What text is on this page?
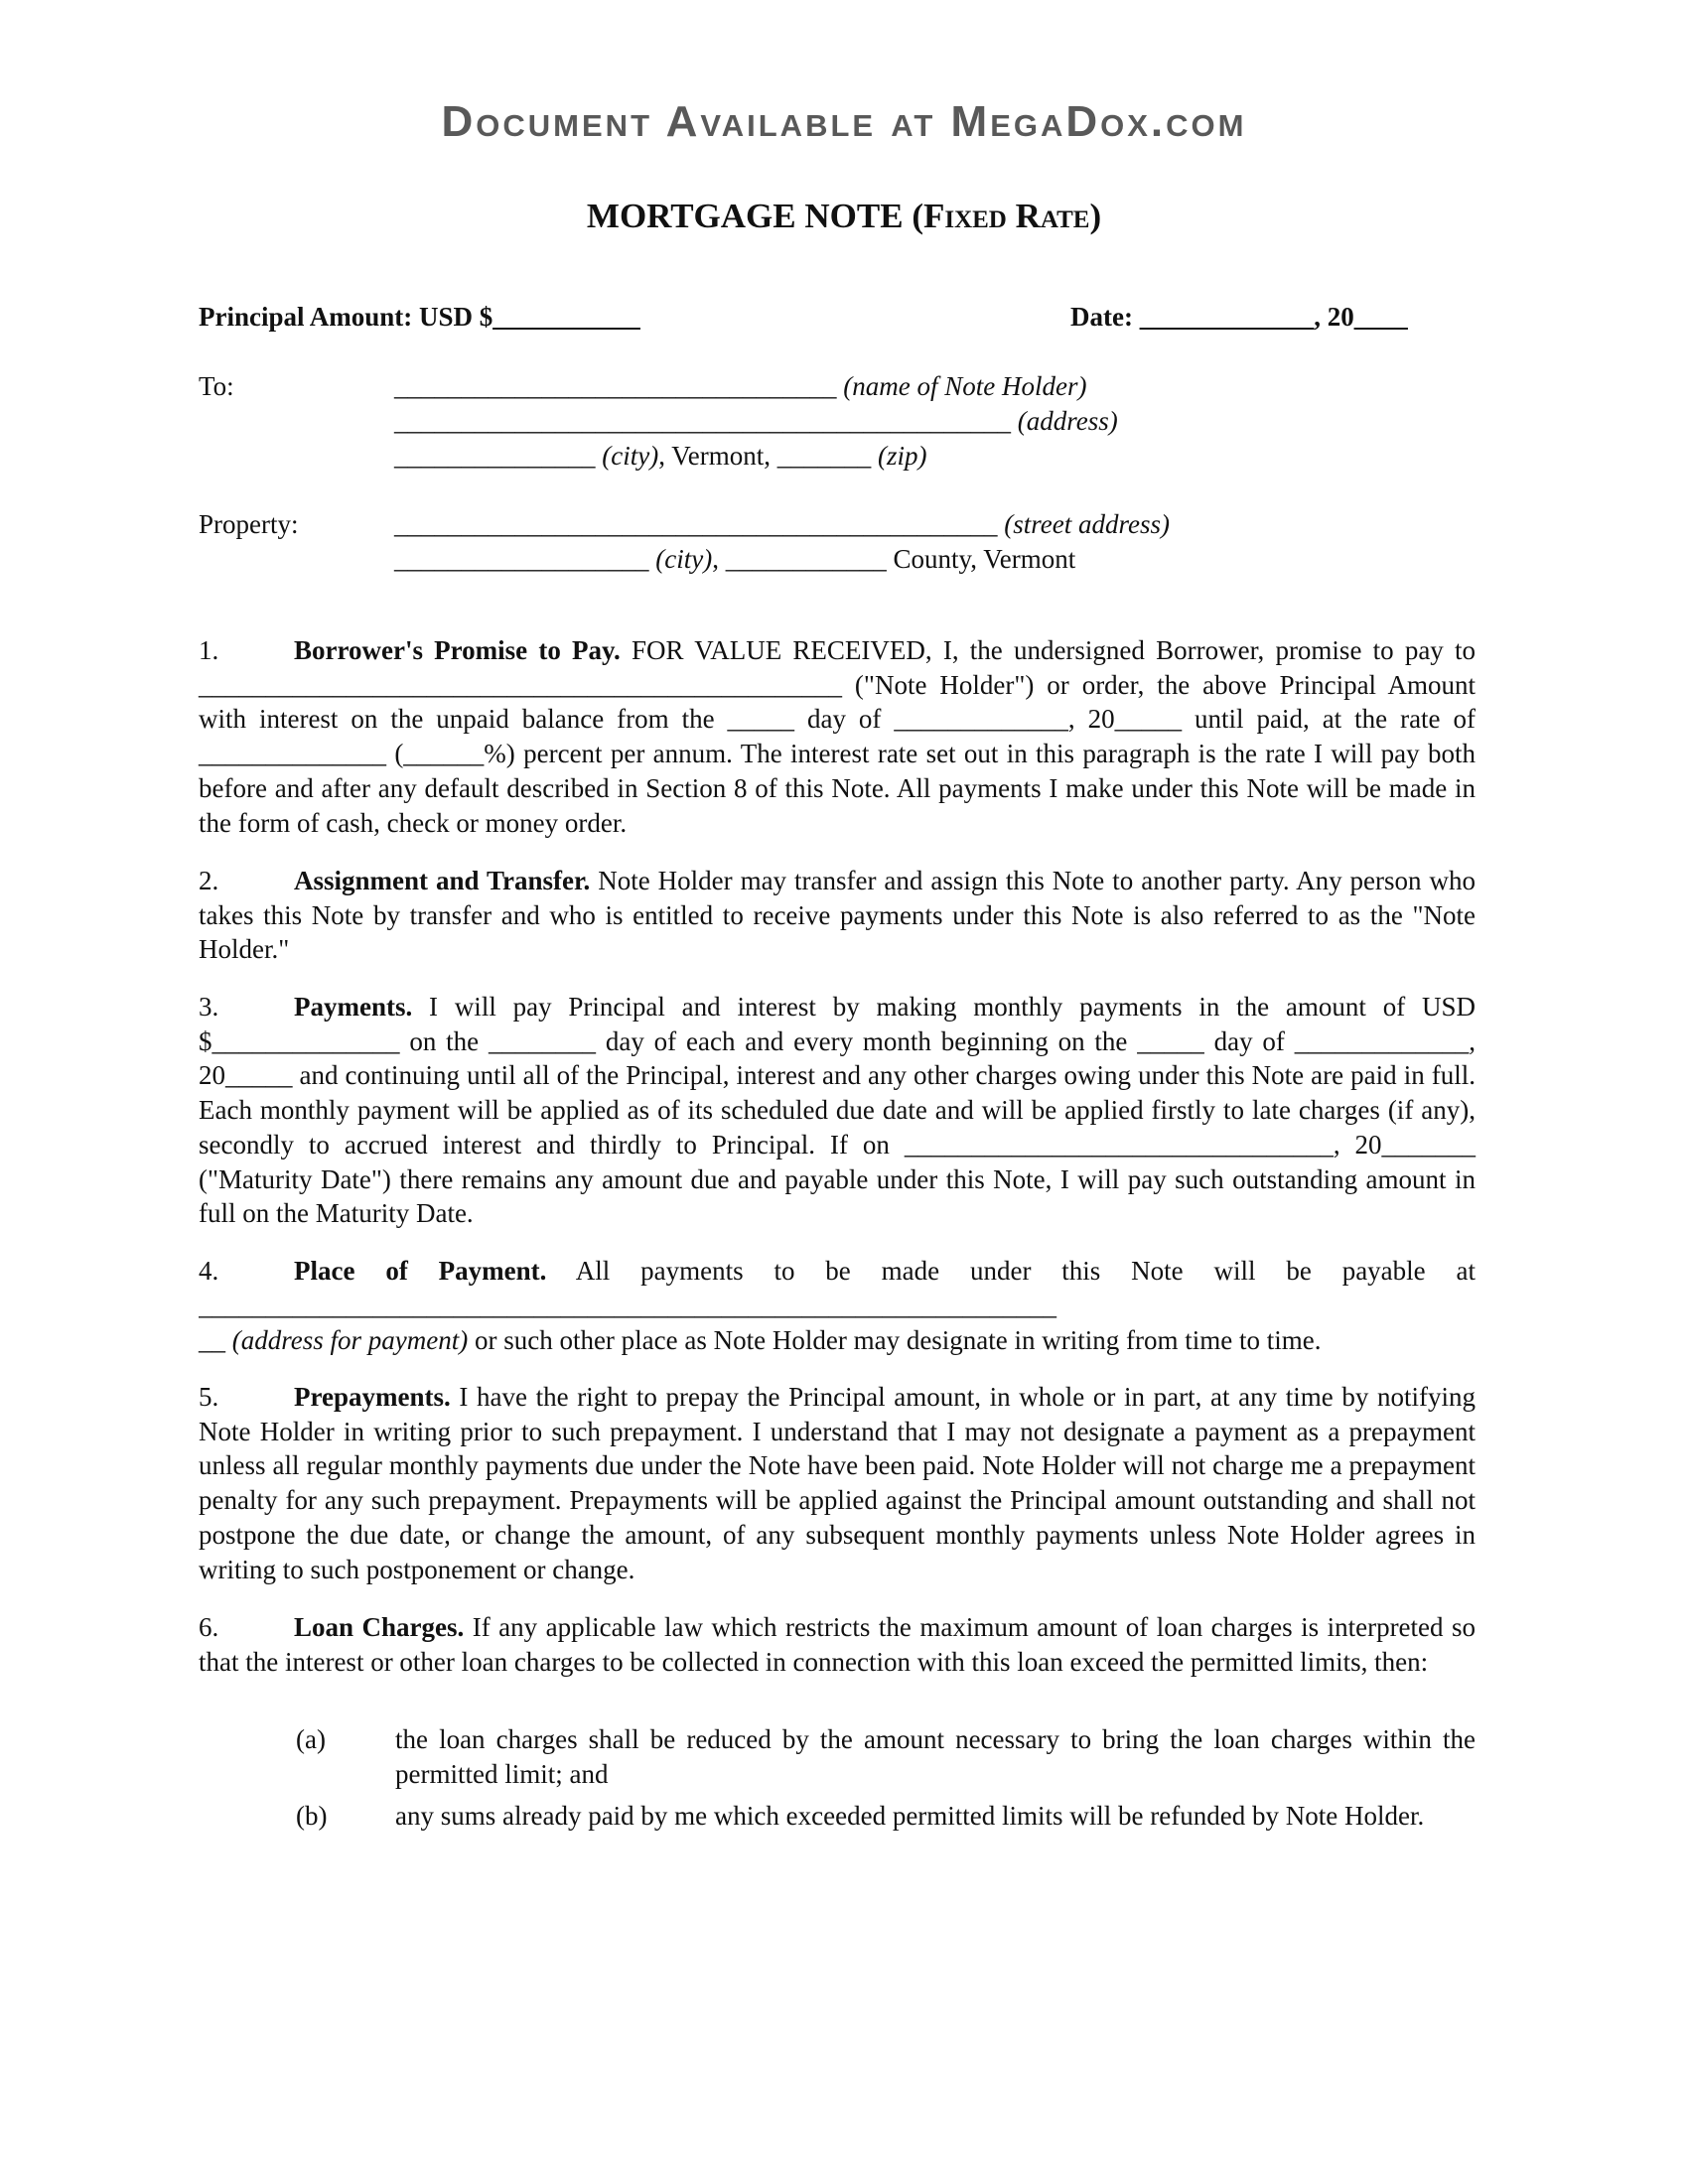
Document Available at MegaDox.com
MORTGAGE NOTE (Fixed Rate)
Principal Amount: USD $___________	Date: _____________, 20____
To:	_________________________________ (name of Note Holder)
______________________________________________ (address)
_______________ (city), Vermont, _______ (zip)
Property:	_____________________________________________ (street address)
___________________ (city), ____________ County, Vermont
1.	Borrower's Promise to Pay. FOR VALUE RECEIVED, I, the undersigned Borrower, promise to pay to ________________________________________________ ("Note Holder") or order, the above Principal Amount with interest on the unpaid balance from the _____ day of _____________, 20_____ until paid, at the rate of ______________ (______%) percent per annum. The interest rate set out in this paragraph is the rate I will pay both before and after any default described in Section 8 of this Note. All payments I make under this Note will be made in the form of cash, check or money order.
2.	Assignment and Transfer. Note Holder may transfer and assign this Note to another party. Any person who takes this Note by transfer and who is entitled to receive payments under this Note is also referred to as the "Note Holder."
3.	Payments. I will pay Principal and interest by making monthly payments in the amount of USD $______________ on the ________ day of each and every month beginning on the _____ day of _____________, 20_____ and continuing until all of the Principal, interest and any other charges owing under this Note are paid in full. Each monthly payment will be applied as of its scheduled due date and will be applied firstly to late charges (if any), secondly to accrued interest and thirdly to Principal. If on ________________________________, 20_______ ("Maturity Date") there remains any amount due and payable under this Note, I will pay such outstanding amount in full on the Maturity Date.
4.	Place of Payment. All payments to be made under this Note will be payable at
________________________________________________________________
__ (address for payment) or such other place as Note Holder may designate in writing from time to time.
5.	Prepayments. I have the right to prepay the Principal amount, in whole or in part, at any time by notifying Note Holder in writing prior to such prepayment. I understand that I may not designate a payment as a prepayment unless all regular monthly payments due under the Note have been paid. Note Holder will not charge me a prepayment penalty for any such prepayment. Prepayments will be applied against the Principal amount outstanding and shall not postpone the due date, or change the amount, of any subsequent monthly payments unless Note Holder agrees in writing to such postponement or change.
6.	Loan Charges. If any applicable law which restricts the maximum amount of loan charges is interpreted so that the interest or other loan charges to be collected in connection with this loan exceed the permitted limits, then:
(a)	the loan charges shall be reduced by the amount necessary to bring the loan charges within the permitted limit; and
(b)	any sums already paid by me which exceeded permitted limits will be refunded by Note Holder.
